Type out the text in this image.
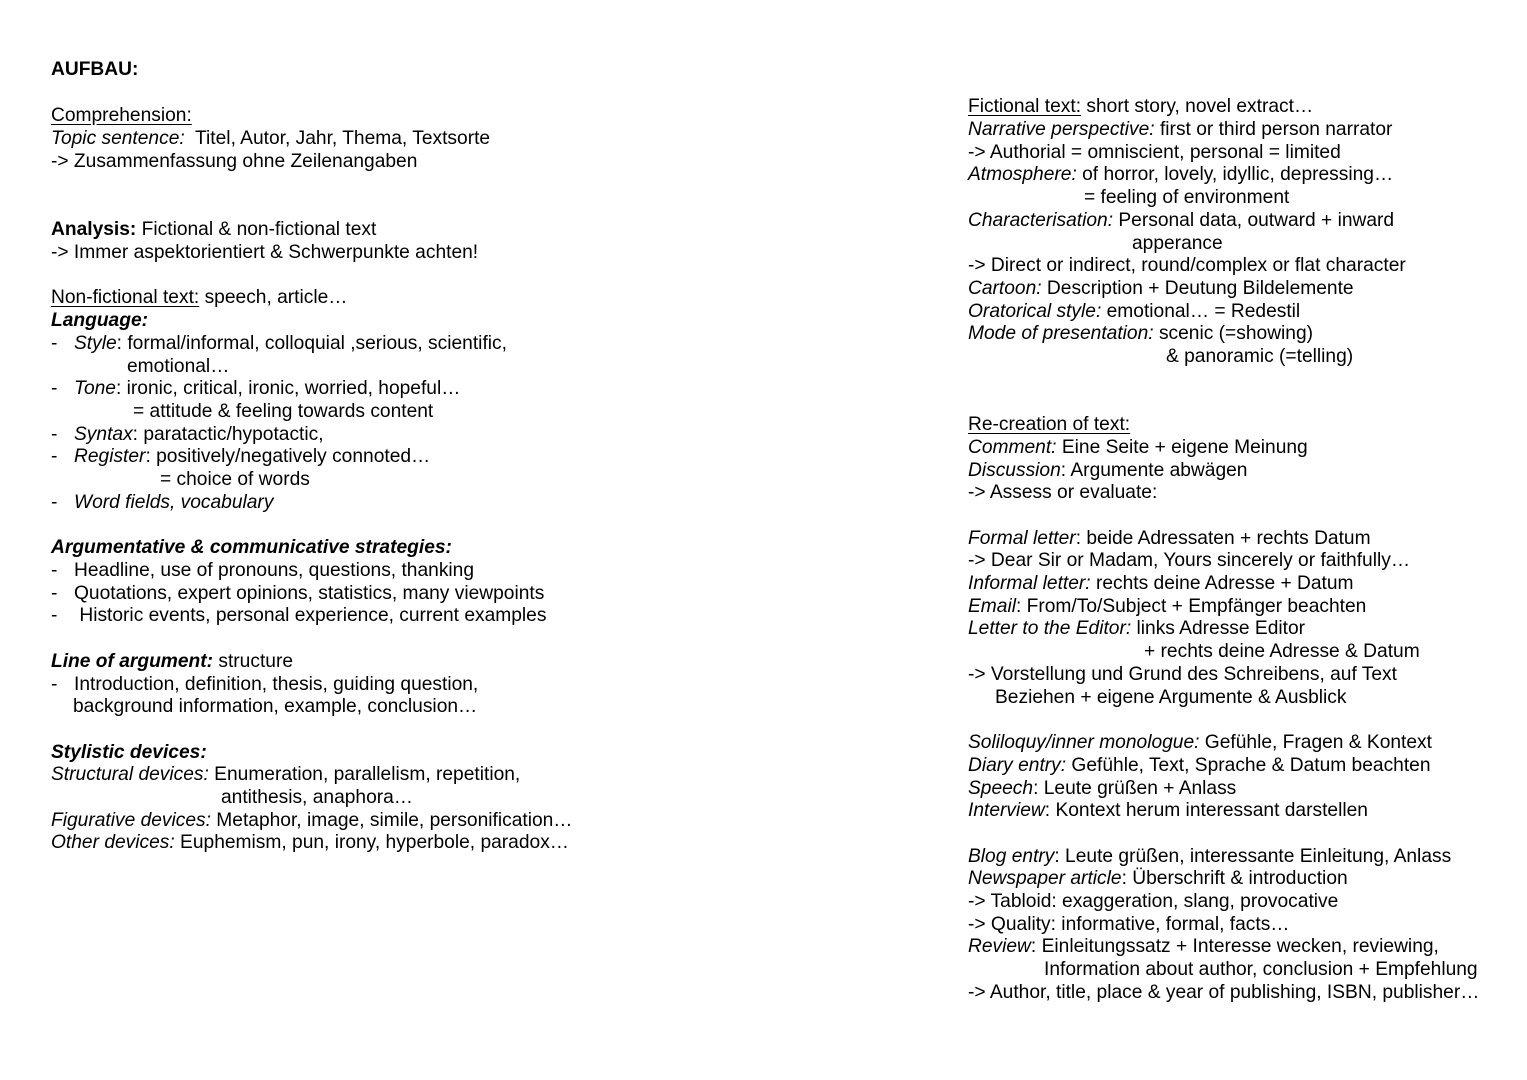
AUFBAU:
Comprehension:
Topic sentence: Titel, Autor, Jahr, Thema, Textsorte
-> Zusammenfassung ohne Zeilenangaben
Analysis: Fictional & non-fictional text
-> Immer aspektorientiert & Schwerpunkte achten!
Non-fictional text: speech, article…
Language:
- Style: formal/informal, colloquial ,serious, scientific,
emotional…
- Tone: ironic, critical, ironic, worried, hopeful…
= attitude & feeling towards content
- Syntax: paratactic/hypotactic,
- Register: positively/negatively connoted…
= choice of words
- Word fields, vocabulary
Argumentative & communicative strategies:
- Headline, use of pronouns, questions, thanking
- Quotations, expert opinions, statistics, many viewpoints
- Historic events, personal experience, current examples
Line of argument: structure
- Introduction, definition, thesis, guiding question,
background information, example, conclusion…
Stylistic devices:
Structural devices: Enumeration, parallelism, repetition,
antithesis, anaphora…
Figurative devices: Metaphor, image, simile, personification…
Other devices: Euphemism, pun, irony, hyperbole, paradox…
Fictional text: short story, novel extract…
Narrative perspective: first or third person narrator
-> Authorial = omniscient, personal = limited
Atmosphere: of horror, lovely, idyllic, depressing…
= feeling of environment
Characterisation: Personal data, outward + inward
apperance
-> Direct or indirect, round/complex or flat character
Cartoon: Description + Deutung Bildelemente
Oratorical style: emotional… = Redestil
Mode of presentation: scenic (=showing)
& panoramic (=telling)
Re-creation of text:
Comment: Eine Seite + eigene Meinung
Discussion: Argumente abwägen
-> Assess or evaluate:
Formal letter: beide Adressaten + rechts Datum
-> Dear Sir or Madam, Yours sincerely or faithfully…
Informal letter: rechts deine Adresse + Datum
Email: From/To/Subject + Empfänger beachten
Letter to the Editor: links Adresse Editor
+ rechts deine Adresse & Datum
-> Vorstellung und Grund des Schreibens, auf Text
Beziehen + eigene Argumente & Ausblick
Soliloquy/inner monologue: Gefühle, Fragen & Kontext
Diary entry: Gefühle, Text, Sprache & Datum beachten
Speech: Leute grüßen + Anlass
Interview: Kontext herum interessant darstellen
Blog entry: Leute grüßen, interessante Einleitung, Anlass
Newspaper article: Überschrift & introduction
-> Tabloid: exaggeration, slang, provocative
-> Quality: informative, formal, facts…
Review: Einleitungssatz + Interesse wecken, reviewing,
Information about author, conclusion + Empfehlung
-> Author, title, place & year of publishing, ISBN, publisher…
